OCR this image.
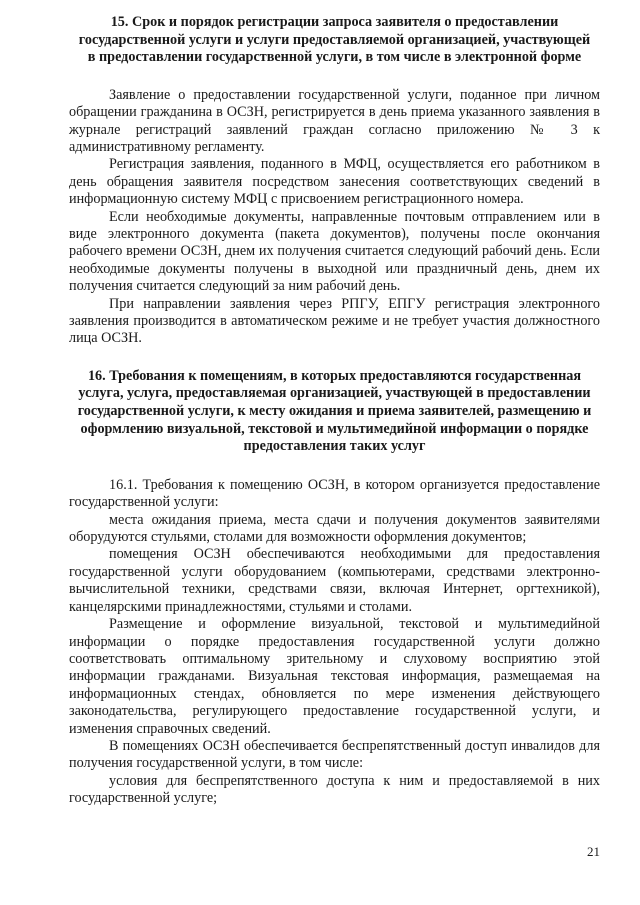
15. Срок и порядок регистрации запроса заявителя о предоставлении государственной услуги и услуги предоставляемой организацией, участвующей в предоставлении государственной услуги, в том числе в электронной форме

Заявление о предоставлении государственной услуги, поданное при личном обращении гражданина в ОСЗН, регистрируется в день приема указанного заявления в журнале регистраций заявлений граждан согласно приложению № 3 к административному регламенту.

Регистрация заявления, поданного в МФЦ, осуществляется его работником в день обращения заявителя посредством занесения соответствующих сведений в информационную систему МФЦ с присвоением регистрационного номера.

Если необходимые документы, направленные почтовым отправлением или в виде электронного документа (пакета документов), получены после окончания рабочего времени ОСЗН, днем их получения считается следующий рабочий день. Если необходимые документы получены в выходной или праздничный день, днем их получения считается следующий за ним рабочий день.

При направлении заявления через РПГУ, ЕПГУ регистрация электронного заявления производится в автоматическом режиме и не требует участия должностного лица ОСЗН.

16. Требования к помещениям, в которых предоставляются государственная услуга, услуга, предоставляемая организацией, участвующей в предоставлении государственной услуги, к месту ожидания и приема заявителей, размещению и оформлению визуальной, текстовой и мультимедийной информации о порядке предоставления таких услуг

16.1. Требования к помещению ОСЗН, в котором организуется предоставление государственной услуги:

места ожидания приема, места сдачи и получения документов заявителями оборудуются стульями, столами для возможности оформления документов;

помещения ОСЗН обеспечиваются необходимыми для предоставления государственной услуги оборудованием (компьютерами, средствами электронно-вычислительной техники, средствами связи, включая Интернет, оргтехникой), канцелярскими принадлежностями, стульями и столами.

Размещение и оформление визуальной, текстовой и мультимедийной информации о порядке предоставления государственной услуги должно соответствовать оптимальному зрительному и слуховому восприятию этой информации гражданами. Визуальная текстовая информация, размещаемая на информационных стендах, обновляется по мере изменения действующего законодательства, регулирующего предоставление государственной услуги, и изменения справочных сведений.

В помещениях ОСЗН обеспечивается беспрепятственный доступ инвалидов для получения государственной услуги, в том числе:

условия для беспрепятственного доступа к ним и предоставляемой в них государственной услуге;

21
